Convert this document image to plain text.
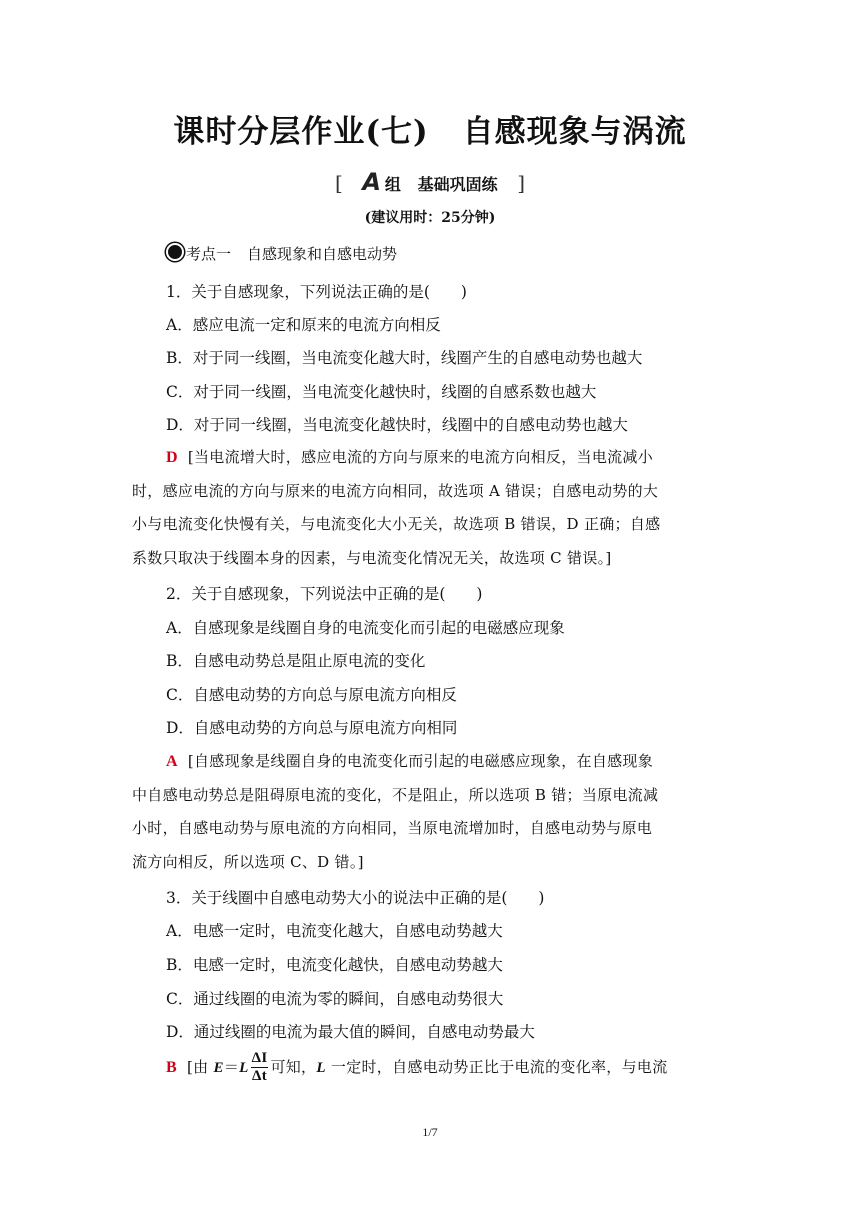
课时分层作业(七) 自感现象与涡流
[ A 组 基础巩固练 ]
(建议用时：25分钟)
考点一 自感现象和自感电动势
1．关于自感现象，下列说法正确的是(　　)
A．感应电流一定和原来的电流方向相反
B．对于同一线圈，当电流变化越大时，线圈产生的自感电动势也越大
C．对于同一线圈，当电流变化越快时，线圈的自感系数也越大
D．对于同一线圈，当电流变化越快时，线圈中的自感电动势也越大
D [当电流增大时，感应电流的方向与原来的电流方向相反，当电流减小
时，感应电流的方向与原来的电流方向相同，故选项 A 错误；自感电动势的大
小与电流变化快慢有关，与电流变化大小无关，故选项 B 错误，D 正确；自感
系数只取决于线圈本身的因素，与电流变化情况无关，故选项 C 错误。]
2．关于自感现象，下列说法中正确的是(　　)
A．自感现象是线圈自身的电流变化而引起的电磁感应现象
B．自感电动势总是阻止原电流的变化
C．自感电动势的方向总与原电流方向相反
D．自感电动势的方向总与原电流方向相同
A [自感现象是线圈自身的电流变化而引起的电磁感应现象，在自感现象
中自感电动势总是阻碍原电流的变化，不是阻止，所以选项 B 错；当原电流减
小时，自感电动势与原电流的方向相同，当原电流增加时，自感电动势与原电
流方向相反，所以选项 C、D 错。]
3．关于线圈中自感电动势大小的说法中正确的是(　　)
A．电感一定时，电流变化越大，自感电动势越大
B．电感一定时，电流变化越快，自感电动势越大
C．通过线圈的电流为零的瞬间，自感电动势很大
D．通过线圈的电流为最大值的瞬间，自感电动势最大
B [由 $E=L \frac{\Delta I}{\Delta t}$ 可知，L 一定时，自感电动势正比于电流的变化率，与电流
1/7
